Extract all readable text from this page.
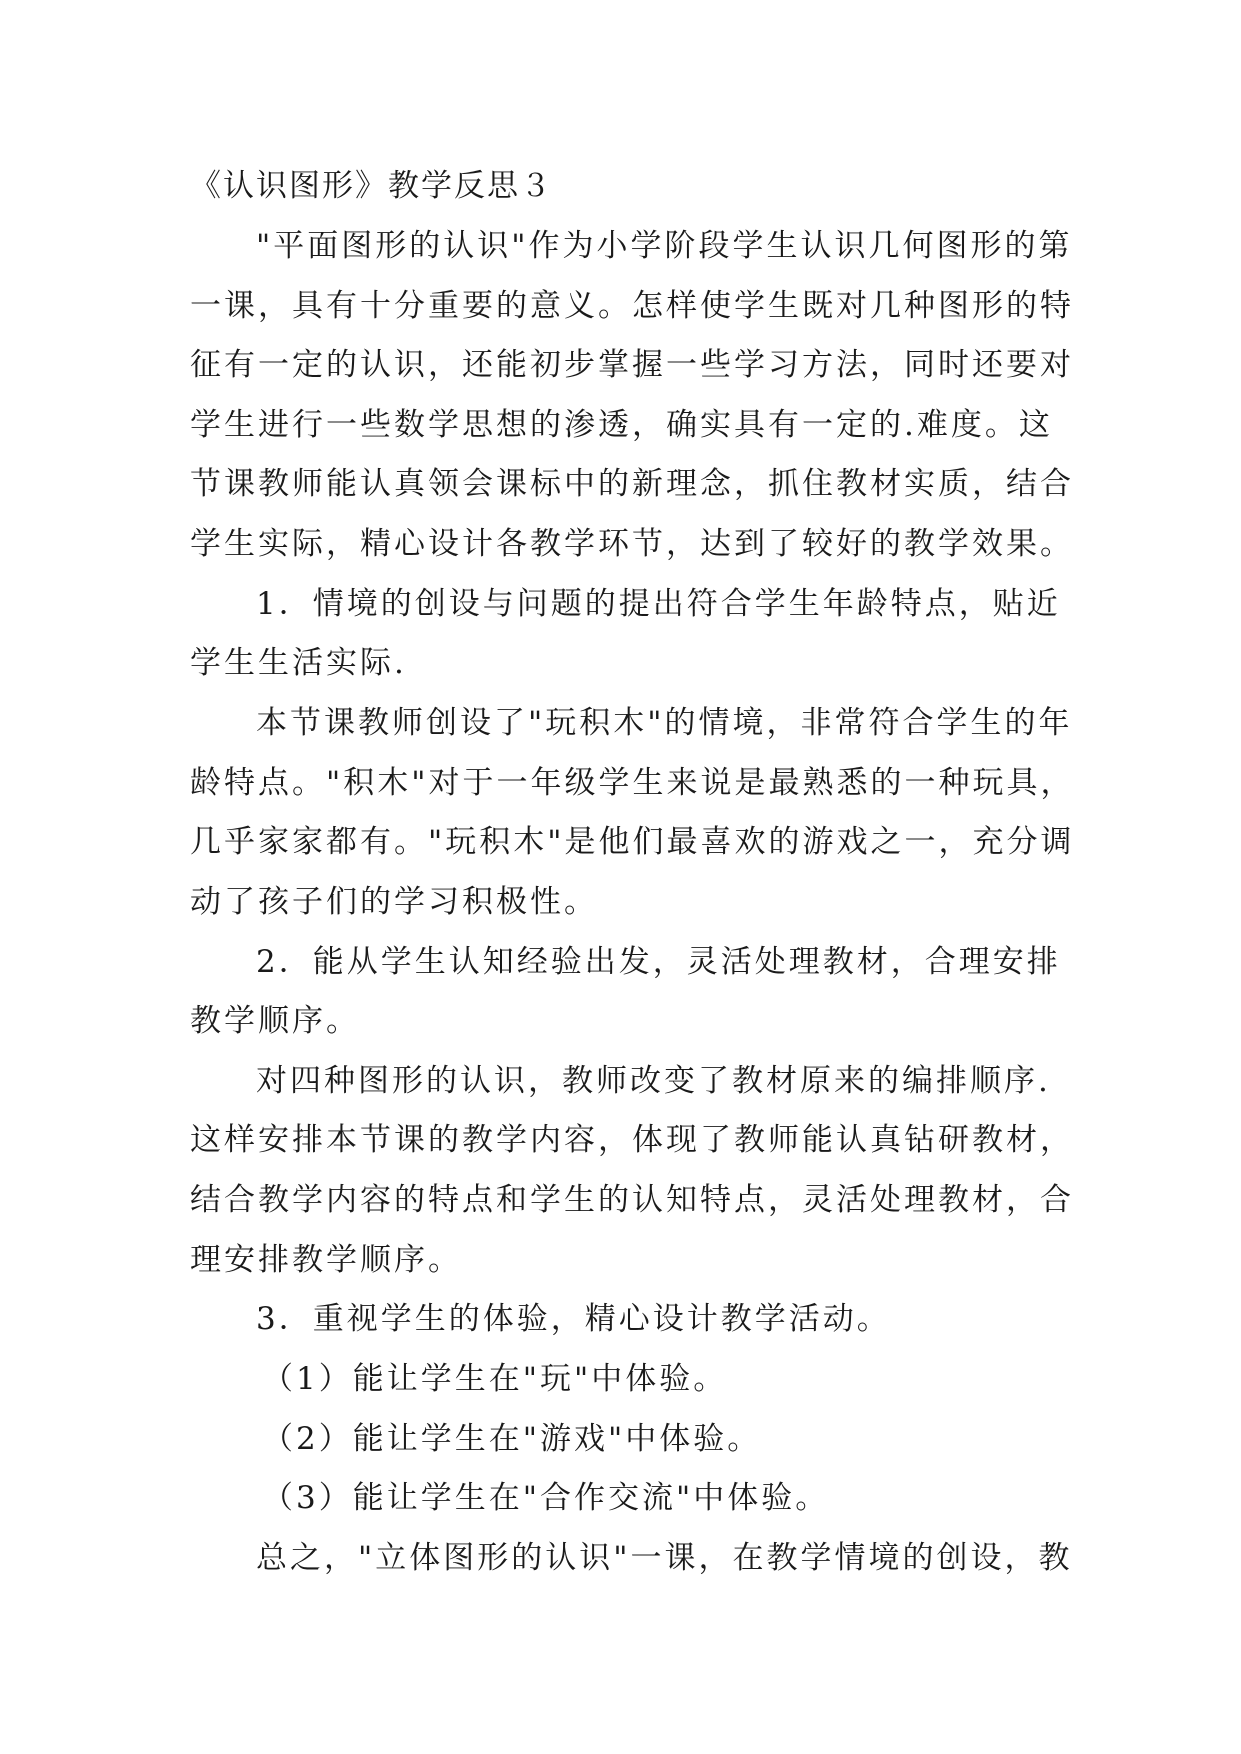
《认识图形》教学反思３
"平面图形的认识"作为小学阶段学生认识几何图形的第
一课，具有十分重要的意义。怎样使学生既对几种图形的特
征有一定的认识，还能初步掌握一些学习方法，同时还要对
学生进行一些数学思想的渗透，确实具有一定的.难度。这
节课教师能认真领会课标中的新理念，抓住教材实质，结合
学生实际，精心设计各教学环节，达到了较好的教学效果。
1．情境的创设与问题的提出符合学生年龄特点，贴近
学生生活实际.
本节课教师创设了"玩积木"的情境，非常符合学生的年
龄特点。"积木"对于一年级学生来说是最熟悉的一种玩具，
几乎家家都有。"玩积木"是他们最喜欢的游戏之一，充分调
动了孩子们的学习积极性。
2．能从学生认知经验出发，灵活处理教材，合理安排
教学顺序。
对四种图形的认识，教师改变了教材原来的编排顺序.
这样安排本节课的教学内容，体现了教师能认真钻研教材，
结合教学内容的特点和学生的认知特点，灵活处理教材，合
理安排教学顺序。
3．重视学生的体验，精心设计教学活动。
（1）能让学生在"玩"中体验。
（2）能让学生在"游戏"中体验。
（3）能让学生在"合作交流"中体验。
总之，"立体图形的认识"一课，在教学情境的创设，教
